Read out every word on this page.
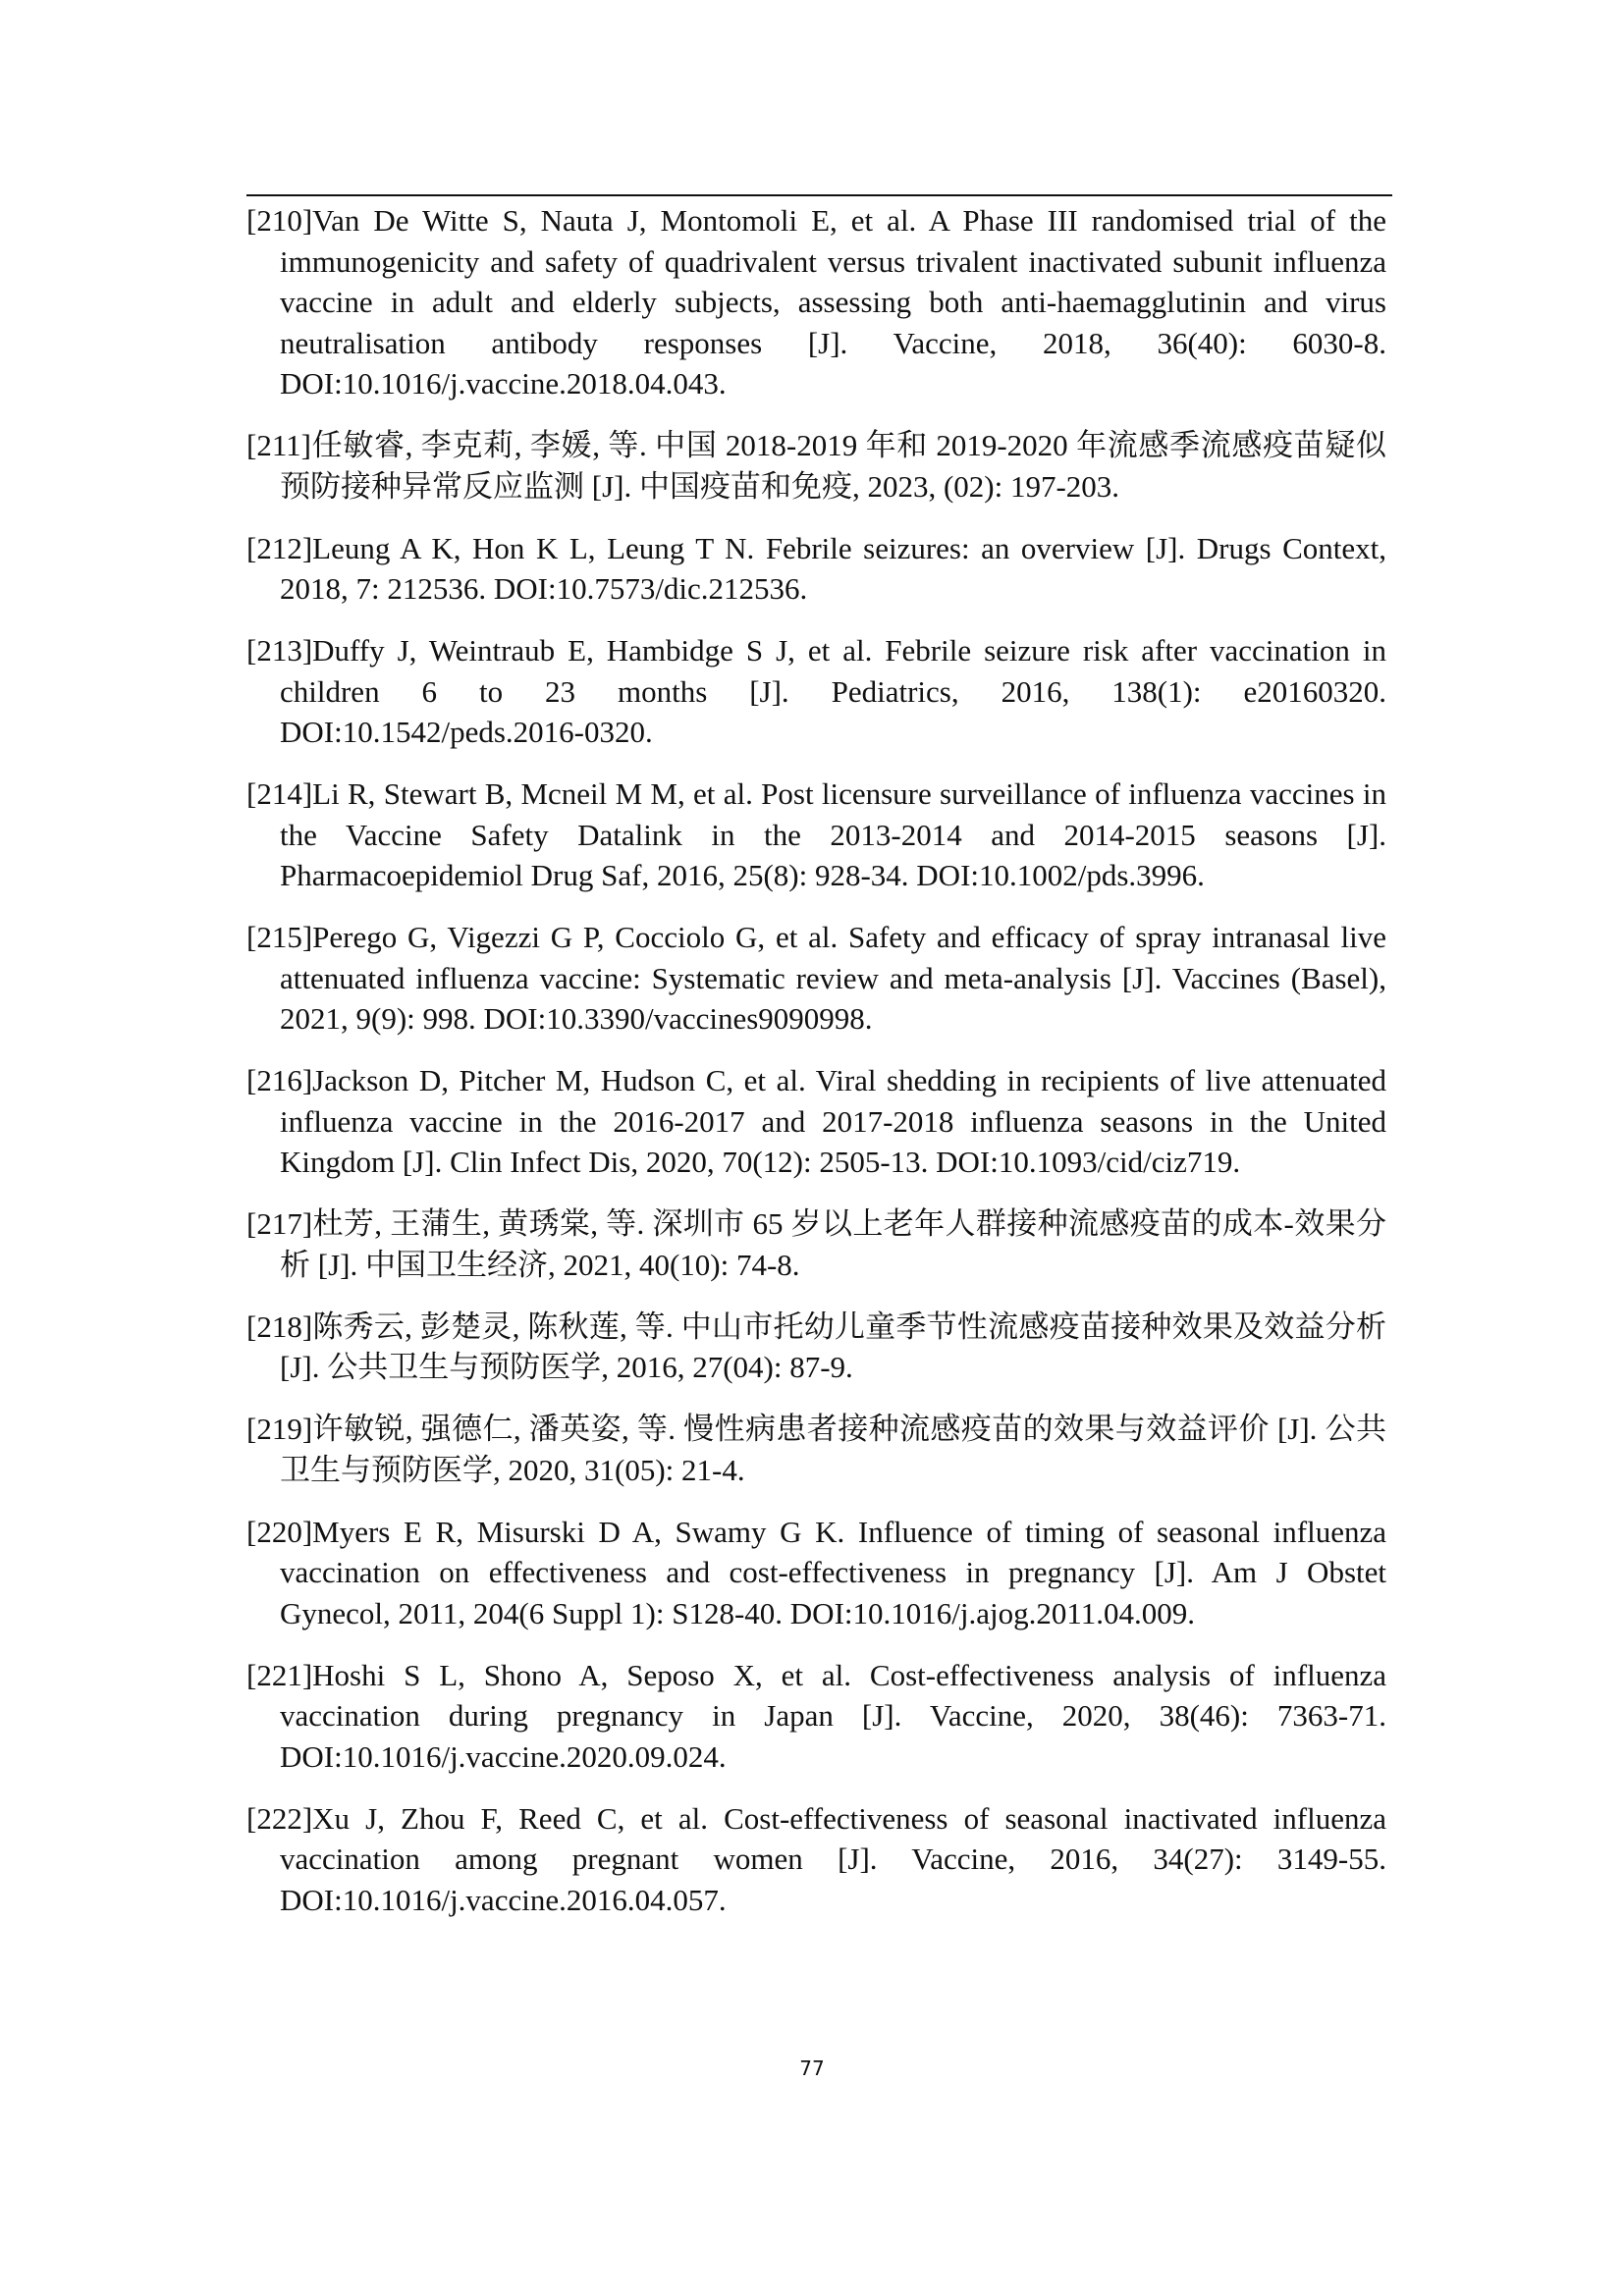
[210]Van De Witte S, Nauta J, Montomoli E, et al. A Phase III randomised trial of the immunogenicity and safety of quadrivalent versus trivalent inactivated subunit influenza vaccine in adult and elderly subjects, assessing both anti-haemagglutinin and virus neutralisation antibody responses [J]. Vaccine, 2018, 36(40): 6030-8. DOI:10.1016/j.vaccine.2018.04.043.
[211]任敏睿, 李克莉, 李媛, 等. 中国 2018-2019 年和 2019-2020 年流感季流感疫苗疑似预防接种异常反应监测 [J]. 中国疫苗和免疫, 2023, (02): 197-203.
[212]Leung A K, Hon K L, Leung T N. Febrile seizures: an overview [J]. Drugs Context, 2018, 7: 212536. DOI:10.7573/dic.212536.
[213]Duffy J, Weintraub E, Hambidge S J, et al. Febrile seizure risk after vaccination in children 6 to 23 months [J]. Pediatrics, 2016, 138(1): e20160320. DOI:10.1542/peds.2016-0320.
[214]Li R, Stewart B, Mcneil M M, et al. Post licensure surveillance of influenza vaccines in the Vaccine Safety Datalink in the 2013-2014 and 2014-2015 seasons [J]. Pharmacoepidemiol Drug Saf, 2016, 25(8): 928-34. DOI:10.1002/pds.3996.
[215]Perego G, Vigezzi G P, Cocciolo G, et al. Safety and efficacy of spray intranasal live attenuated influenza vaccine: Systematic review and meta-analysis [J]. Vaccines (Basel), 2021, 9(9): 998. DOI:10.3390/vaccines9090998.
[216]Jackson D, Pitcher M, Hudson C, et al. Viral shedding in recipients of live attenuated influenza vaccine in the 2016-2017 and 2017-2018 influenza seasons in the United Kingdom [J]. Clin Infect Dis, 2020, 70(12): 2505-13. DOI:10.1093/cid/ciz719.
[217]杜芳, 王蒲生, 黄琇棠, 等. 深圳市 65 岁以上老年人群接种流感疫苗的成本-效果分析 [J]. 中国卫生经济, 2021, 40(10): 74-8.
[218]陈秀云, 彭楚灵, 陈秋莲, 等. 中山市托幼儿童季节性流感疫苗接种效果及效益分析 [J]. 公共卫生与预防医学, 2016, 27(04): 87-9.
[219]许敏锐, 强德仁, 潘英姿, 等. 慢性病患者接种流感疫苗的效果与效益评价 [J]. 公共卫生与预防医学, 2020, 31(05): 21-4.
[220]Myers E R, Misurski D A, Swamy G K. Influence of timing of seasonal influenza vaccination on effectiveness and cost-effectiveness in pregnancy [J]. Am J Obstet Gynecol, 2011, 204(6 Suppl 1): S128-40. DOI:10.1016/j.ajog.2011.04.009.
[221]Hoshi S L, Shono A, Seposo X, et al. Cost-effectiveness analysis of influenza vaccination during pregnancy in Japan [J]. Vaccine, 2020, 38(46): 7363-71. DOI:10.1016/j.vaccine.2020.09.024.
[222]Xu J, Zhou F, Reed C, et al. Cost-effectiveness of seasonal inactivated influenza vaccination among pregnant women [J]. Vaccine, 2016, 34(27): 3149-55. DOI:10.1016/j.vaccine.2016.04.057.
77
